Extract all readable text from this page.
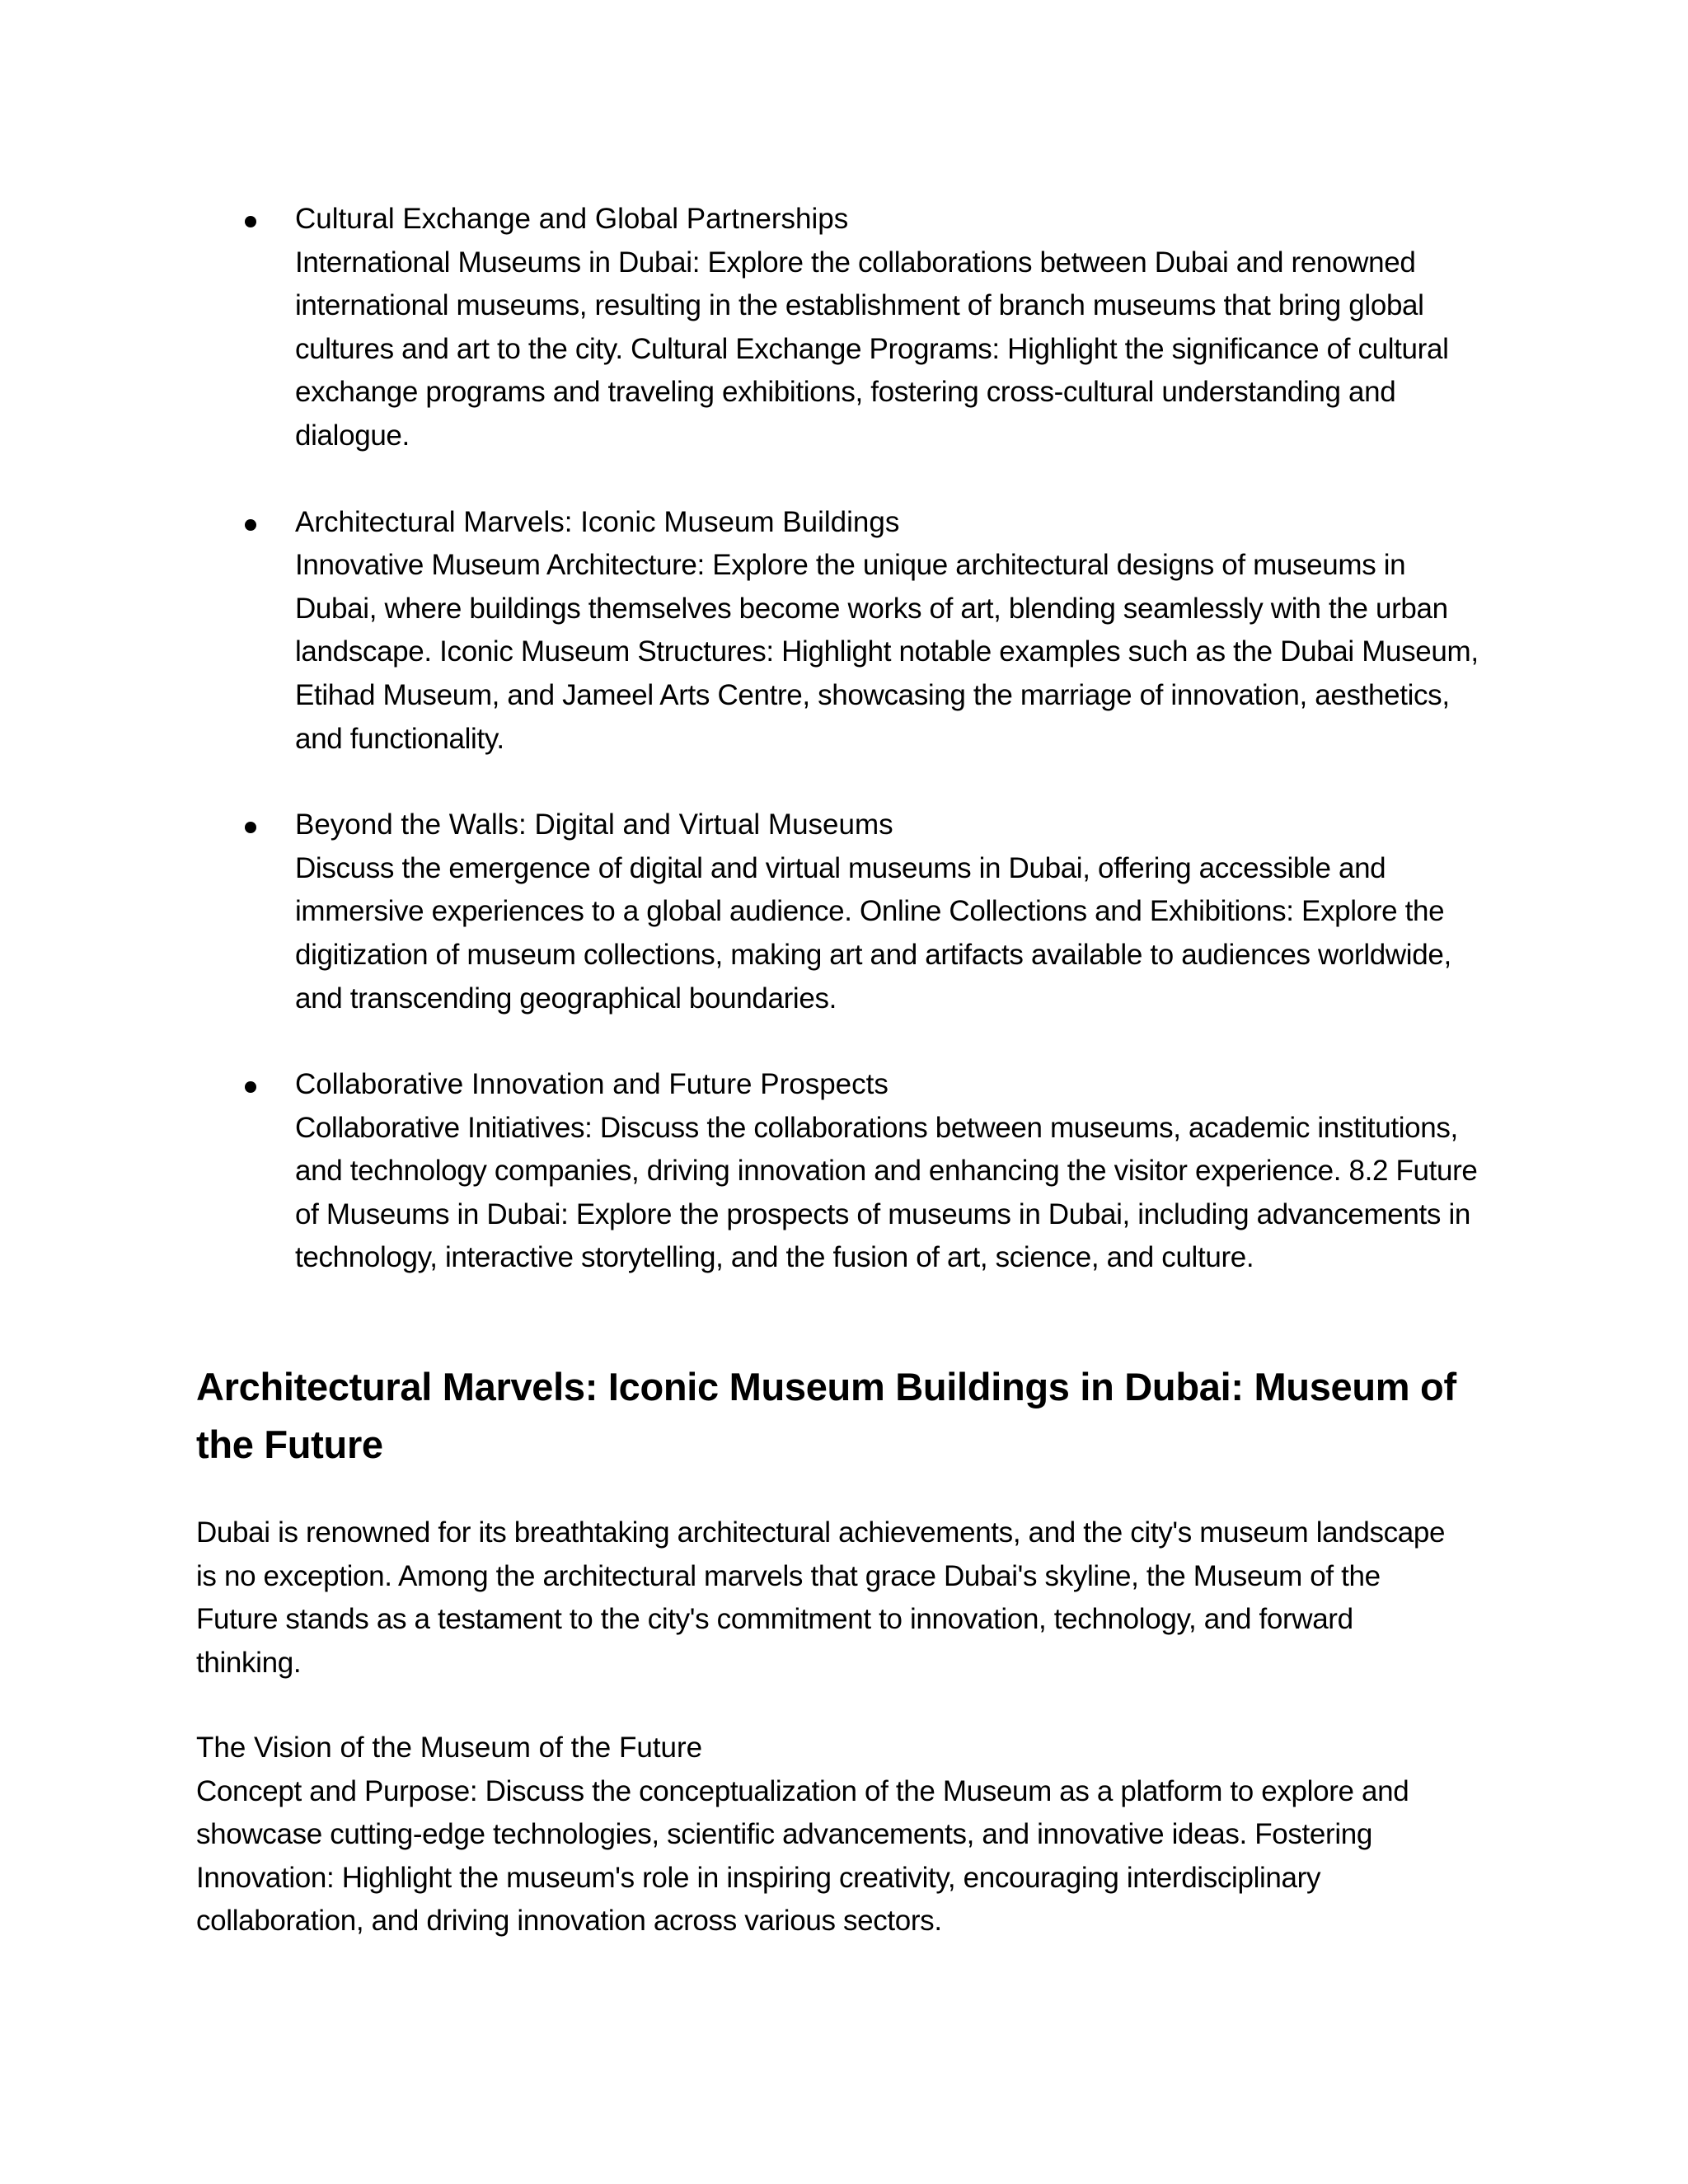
Cultural Exchange and Global Partnerships
International Museums in Dubai: Explore the collaborations between Dubai and renowned international museums, resulting in the establishment of branch museums that bring global cultures and art to the city. Cultural Exchange Programs: Highlight the significance of cultural exchange programs and traveling exhibitions, fostering cross-cultural understanding and dialogue.
Architectural Marvels: Iconic Museum Buildings
Innovative Museum Architecture: Explore the unique architectural designs of museums in Dubai, where buildings themselves become works of art, blending seamlessly with the urban landscape. Iconic Museum Structures: Highlight notable examples such as the Dubai Museum, Etihad Museum, and Jameel Arts Centre, showcasing the marriage of innovation, aesthetics, and functionality.
Beyond the Walls: Digital and Virtual Museums
Discuss the emergence of digital and virtual museums in Dubai, offering accessible and immersive experiences to a global audience. Online Collections and Exhibitions: Explore the digitization of museum collections, making art and artifacts available to audiences worldwide, and transcending geographical boundaries.
Collaborative Innovation and Future Prospects
Collaborative Initiatives: Discuss the collaborations between museums, academic institutions, and technology companies, driving innovation and enhancing the visitor experience. 8.2 Future of Museums in Dubai: Explore the prospects of museums in Dubai, including advancements in technology, interactive storytelling, and the fusion of art, science, and culture.
Architectural Marvels: Iconic Museum Buildings in Dubai: Museum of the Future

Dubai is renowned for its breathtaking architectural achievements, and the city's museum landscape is no exception. Among the architectural marvels that grace Dubai's skyline, the Museum of the Future stands as a testament to the city's commitment to innovation, technology, and forward thinking.

The Vision of the Museum of the Future

Concept and Purpose: Discuss the conceptualization of the Museum as a platform to explore and showcase cutting-edge technologies, scientific advancements, and innovative ideas. Fostering Innovation: Highlight the museum's role in inspiring creativity, encouraging interdisciplinary collaboration, and driving innovation across various sectors.
